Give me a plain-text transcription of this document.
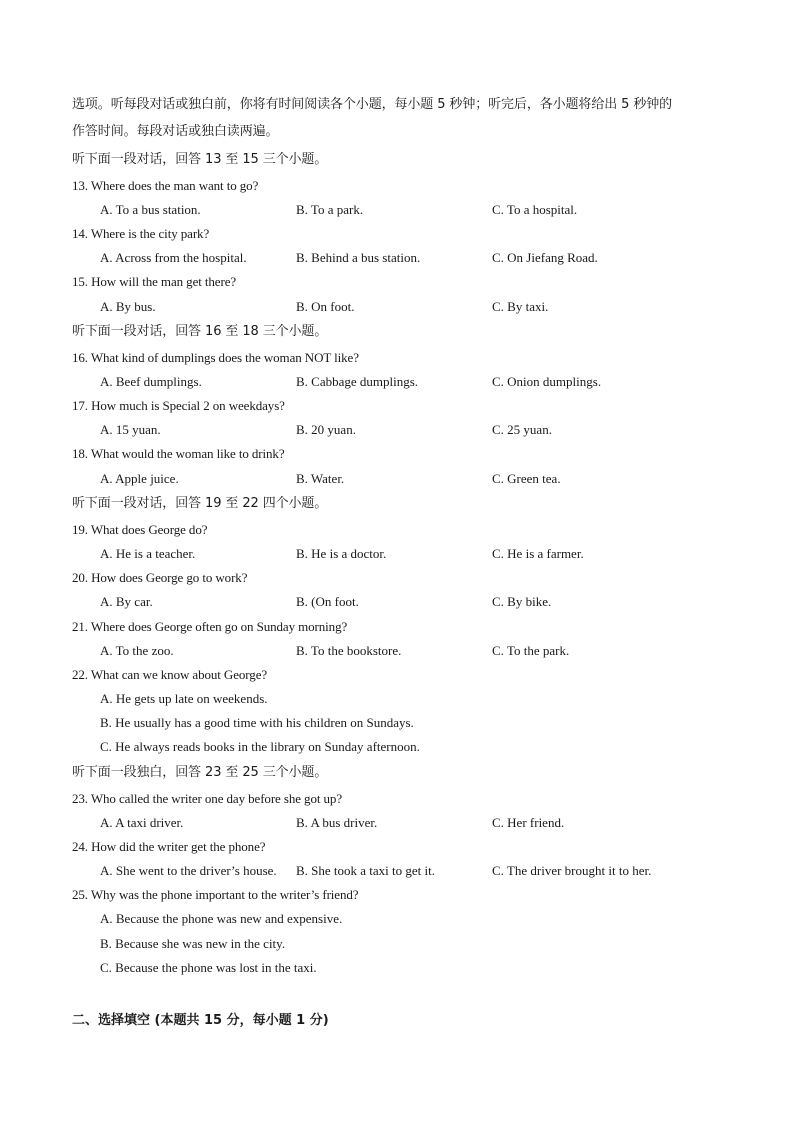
选项。听每段对话或独白前，你将有时间阅读各个小题，每小题 5 秒钟；听完后，各小题将给出 5 秒钟的
作答时间。每段对话或独白读两遍。
听下面一段对话，回答 13 至 15 三个小题。
13. Where does the man want to go?
A. To a bus station.	B. To a park.	C. To a hospital.
14. Where is the city park?
A. Across from the hospital.	B. Behind a bus station.	C. On Jiefang Road.
15. How will the man get there?
A. By bus.	B. On foot.	C. By taxi.
听下面一段对话，回答 16 至 18 三个小题。
16. What kind of dumplings does the woman NOT like?
A. Beef dumplings.	B. Cabbage dumplings.	C. Onion dumplings.
17. How much is Special 2 on weekdays?
A. 15 yuan.	B. 20 yuan.	C. 25 yuan.
18. What would the woman like to drink?
A. Apple juice.	B. Water.	C. Green tea.
听下面一段对话，回答 19 至 22 四个小题。
19. What does George do?
A. He is a teacher.	B. He is a doctor.	C. He is a farmer.
20. How does George go to work?
A. By car.	B. (On foot.	C. By bike.
21. Where does George often go on Sunday morning?
A. To the zoo.	B. To the bookstore.	C. To the park.
22. What can we know about George?
A. He gets up late on weekends.
B. He usually has a good time with his children on Sundays.
C. He always reads books in the library on Sunday afternoon.
听下面一段独白，回答 23 至 25 三个小题。
23. Who called the writer one day before she got up?
A. A taxi driver.	B. A bus driver.	C. Her friend.
24. How did the writer get the phone?
A. She went to the driver’s house. B. She took a taxi to get it.	C. The driver brought it to her.
25. Why was the phone important to the writer’s friend?
A. Because the phone was new and expensive.
B. Because she was new in the city.
C. Because the phone was lost in the taxi.
二、选择填空 (本题共 15 分，每小题 1 分)
